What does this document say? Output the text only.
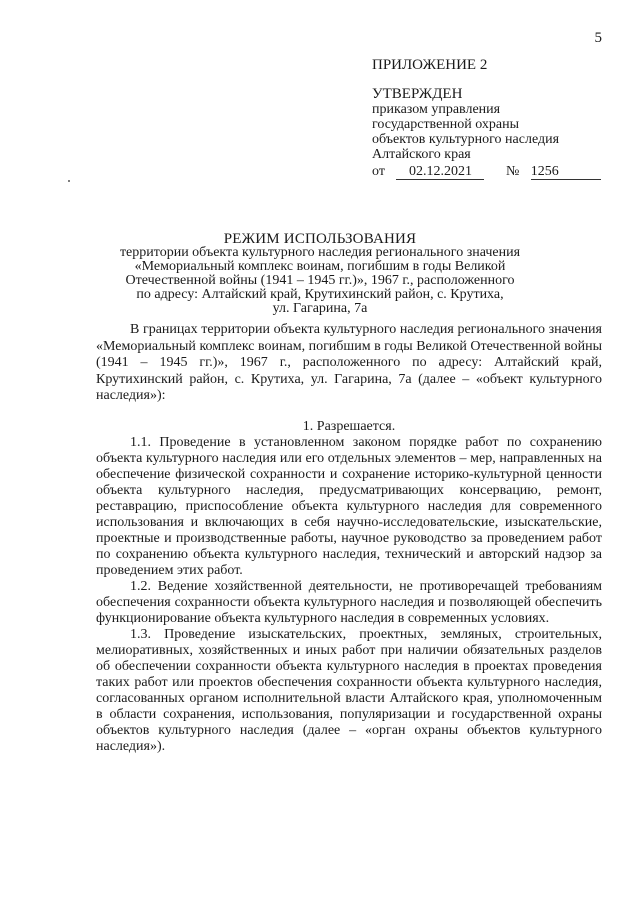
5
ПРИЛОЖЕНИЕ 2
УТВЕРЖДЕН
приказом управления
государственной охраны
объектов культурного наследия
Алтайского края
от 02.12.2021 № 1256
РЕЖИМ ИСПОЛЬЗОВАНИЯ
территории объекта культурного наследия регионального значения
«Мемориальный комплекс воинам, погибшим в годы Великой
Отечественной войны (1941 – 1945 гг.)», 1967 г., расположенного
по адресу: Алтайский край, Крутихинский район, с. Крутиха,
ул. Гагарина, 7а

В границах территории объекта культурного наследия регионального значения «Мемориальный комплекс воинам, погибшим в годы Великой Отечественной войны (1941 – 1945 гг.)», 1967 г., расположенного по адресу: Алтайский край, Крутихинский район, с. Крутиха, ул. Гагарина, 7а (далее – «объект культурного наследия»):

1. Разрешается.

1.1. Проведение в установленном законом порядке работ по сохранению объекта культурного наследия или его отдельных элементов – мер, направленных на обеспечение физической сохранности и сохранение историко-культурной ценности объекта культурного наследия, предусматривающих консервацию, ремонт, реставрацию, приспособление объекта культурного наследия для современного использования и включающих в себя научно-исследовательские, изыскательские, проектные и производственные работы, научное руководство за проведением работ по сохранению объекта культурного наследия, технический и авторский надзор за проведением этих работ.

1.2. Ведение хозяйственной деятельности, не противоречащей требованиям обеспечения сохранности объекта культурного наследия и позволяющей обеспечить функционирование объекта культурного наследия в современных условиях.

1.3. Проведение изыскательских, проектных, земляных, строительных, мелиоративных, хозяйственных и иных работ при наличии обязательных разделов об обеспечении сохранности объекта культурного наследия в проектах проведения таких работ или проектов обеспечения сохранности объекта культурного наследия, согласованных органом исполнительной власти Алтайского края, уполномоченным в области сохранения, использования, популяризации и государственной охраны объектов культурного наследия (далее – «орган охраны объектов культурного наследия»).
